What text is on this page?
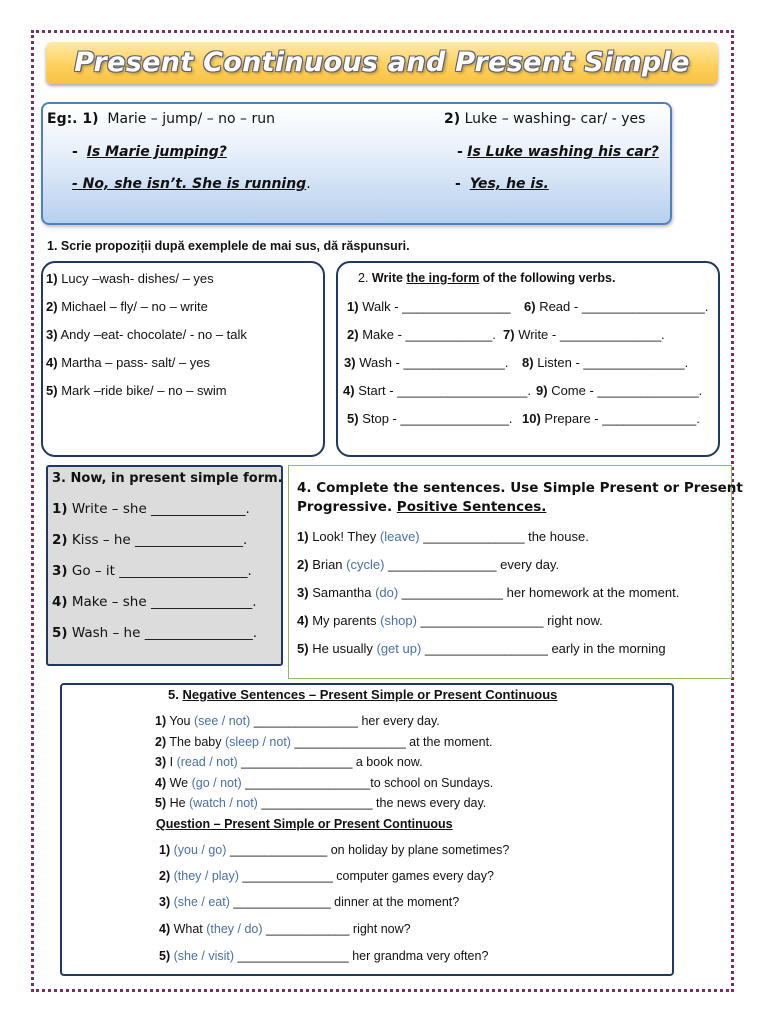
Present Continuous and Present Simple
Eg:. 1) Marie – jump/ – no – run
- Is Marie jumping?
- No, she isn’t. She is running.
2) Luke – washing- car/ - yes
- Is Luke washing his car?
- Yes, he is.
1. Scrie propoziții după exemplele de mai sus, dă răspunsuri.
1) Lucy –wash- dishes/ – yes
2) Michael – fly/ – no – write
3) Andy –eat- chocolate/ - no – talk
4) Martha – pass- salt/ – yes
5) Mark –ride bike/ – no – swim
2. Write the ing-form of the following verbs.
1) Walk - _______________ 6) Read - _________________.
2) Make - ____________. 7) Write - ______________.
3) Wash - ______________. 8) Listen - ______________.
4) Start - __________________. 9) Come - ______________.
5) Stop - _______________. 10) Prepare - _____________.
3. Now, in present simple form.
1) Write – she ______________.
2) Kiss – he ________________.
3) Go – it ___________________.
4) Make – she _______________.
5) Wash – he ________________.
4. Complete the sentences. Use Simple Present or Present
Progressive. Positive Sentences.
1) Look! They (leave) ______________ the house.
2) Brian (cycle) _______________ every day.
3) Samantha (do) ______________ her homework at the moment.
4) My parents (shop) _________________ right now.
5) He usually (get up) _________________ early in the morning
5. Negative Sentences – Present Simple or Present Continuous
1) You (see / not) _______________ her every day.
2) The baby (sleep / not) ________________ at the moment.
3) I (read / not) ________________ a book now.
4) We (go / not) __________________to school on Sundays.
5) He (watch / not) ________________ the news every day.
Question – Present Simple or Present Continuous
1) (you / go) ______________ on holiday by plane sometimes?
2) (they / play) _____________ computer games every day?
3) (she / eat) ______________ dinner at the moment?
4) What (they / do) ____________ right now?
5) (she / visit) ________________ her grandma very often?
